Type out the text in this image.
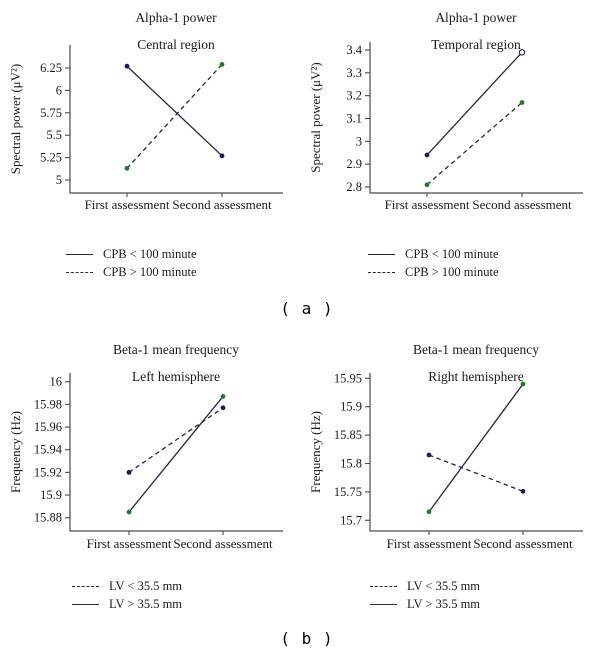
5
5.25
5.5
5.75
6
6.25
Spectral power (μV²)
2.8
2.9
3
3.1
3.2
3.3
3.4
Spectral power (μV²)
15.88
15.9
15.92
15.94
15.96
15.98
16
Frequency (Hz)
15.7
15.75
15.8
15.85
15.9
15.95
Frequency (Hz)
Alpha-1 power
Central region
Alpha-1 power
Temporal region
Beta-1 mean frequency
Left hemisphere
Beta-1 mean frequency
Right hemisphere
First assessment Second assessment	First assessment Second assessment
First assessment Second assessment	First assessment Second assessment
CPB < 100 minute
CPB > 100 minute
CPB < 100 minute
CPB > 100 minute
LV < 35.5 mm
LV > 35.5 mm
LV < 35.5 mm
LV > 35.5 mm
( a )
( b )
